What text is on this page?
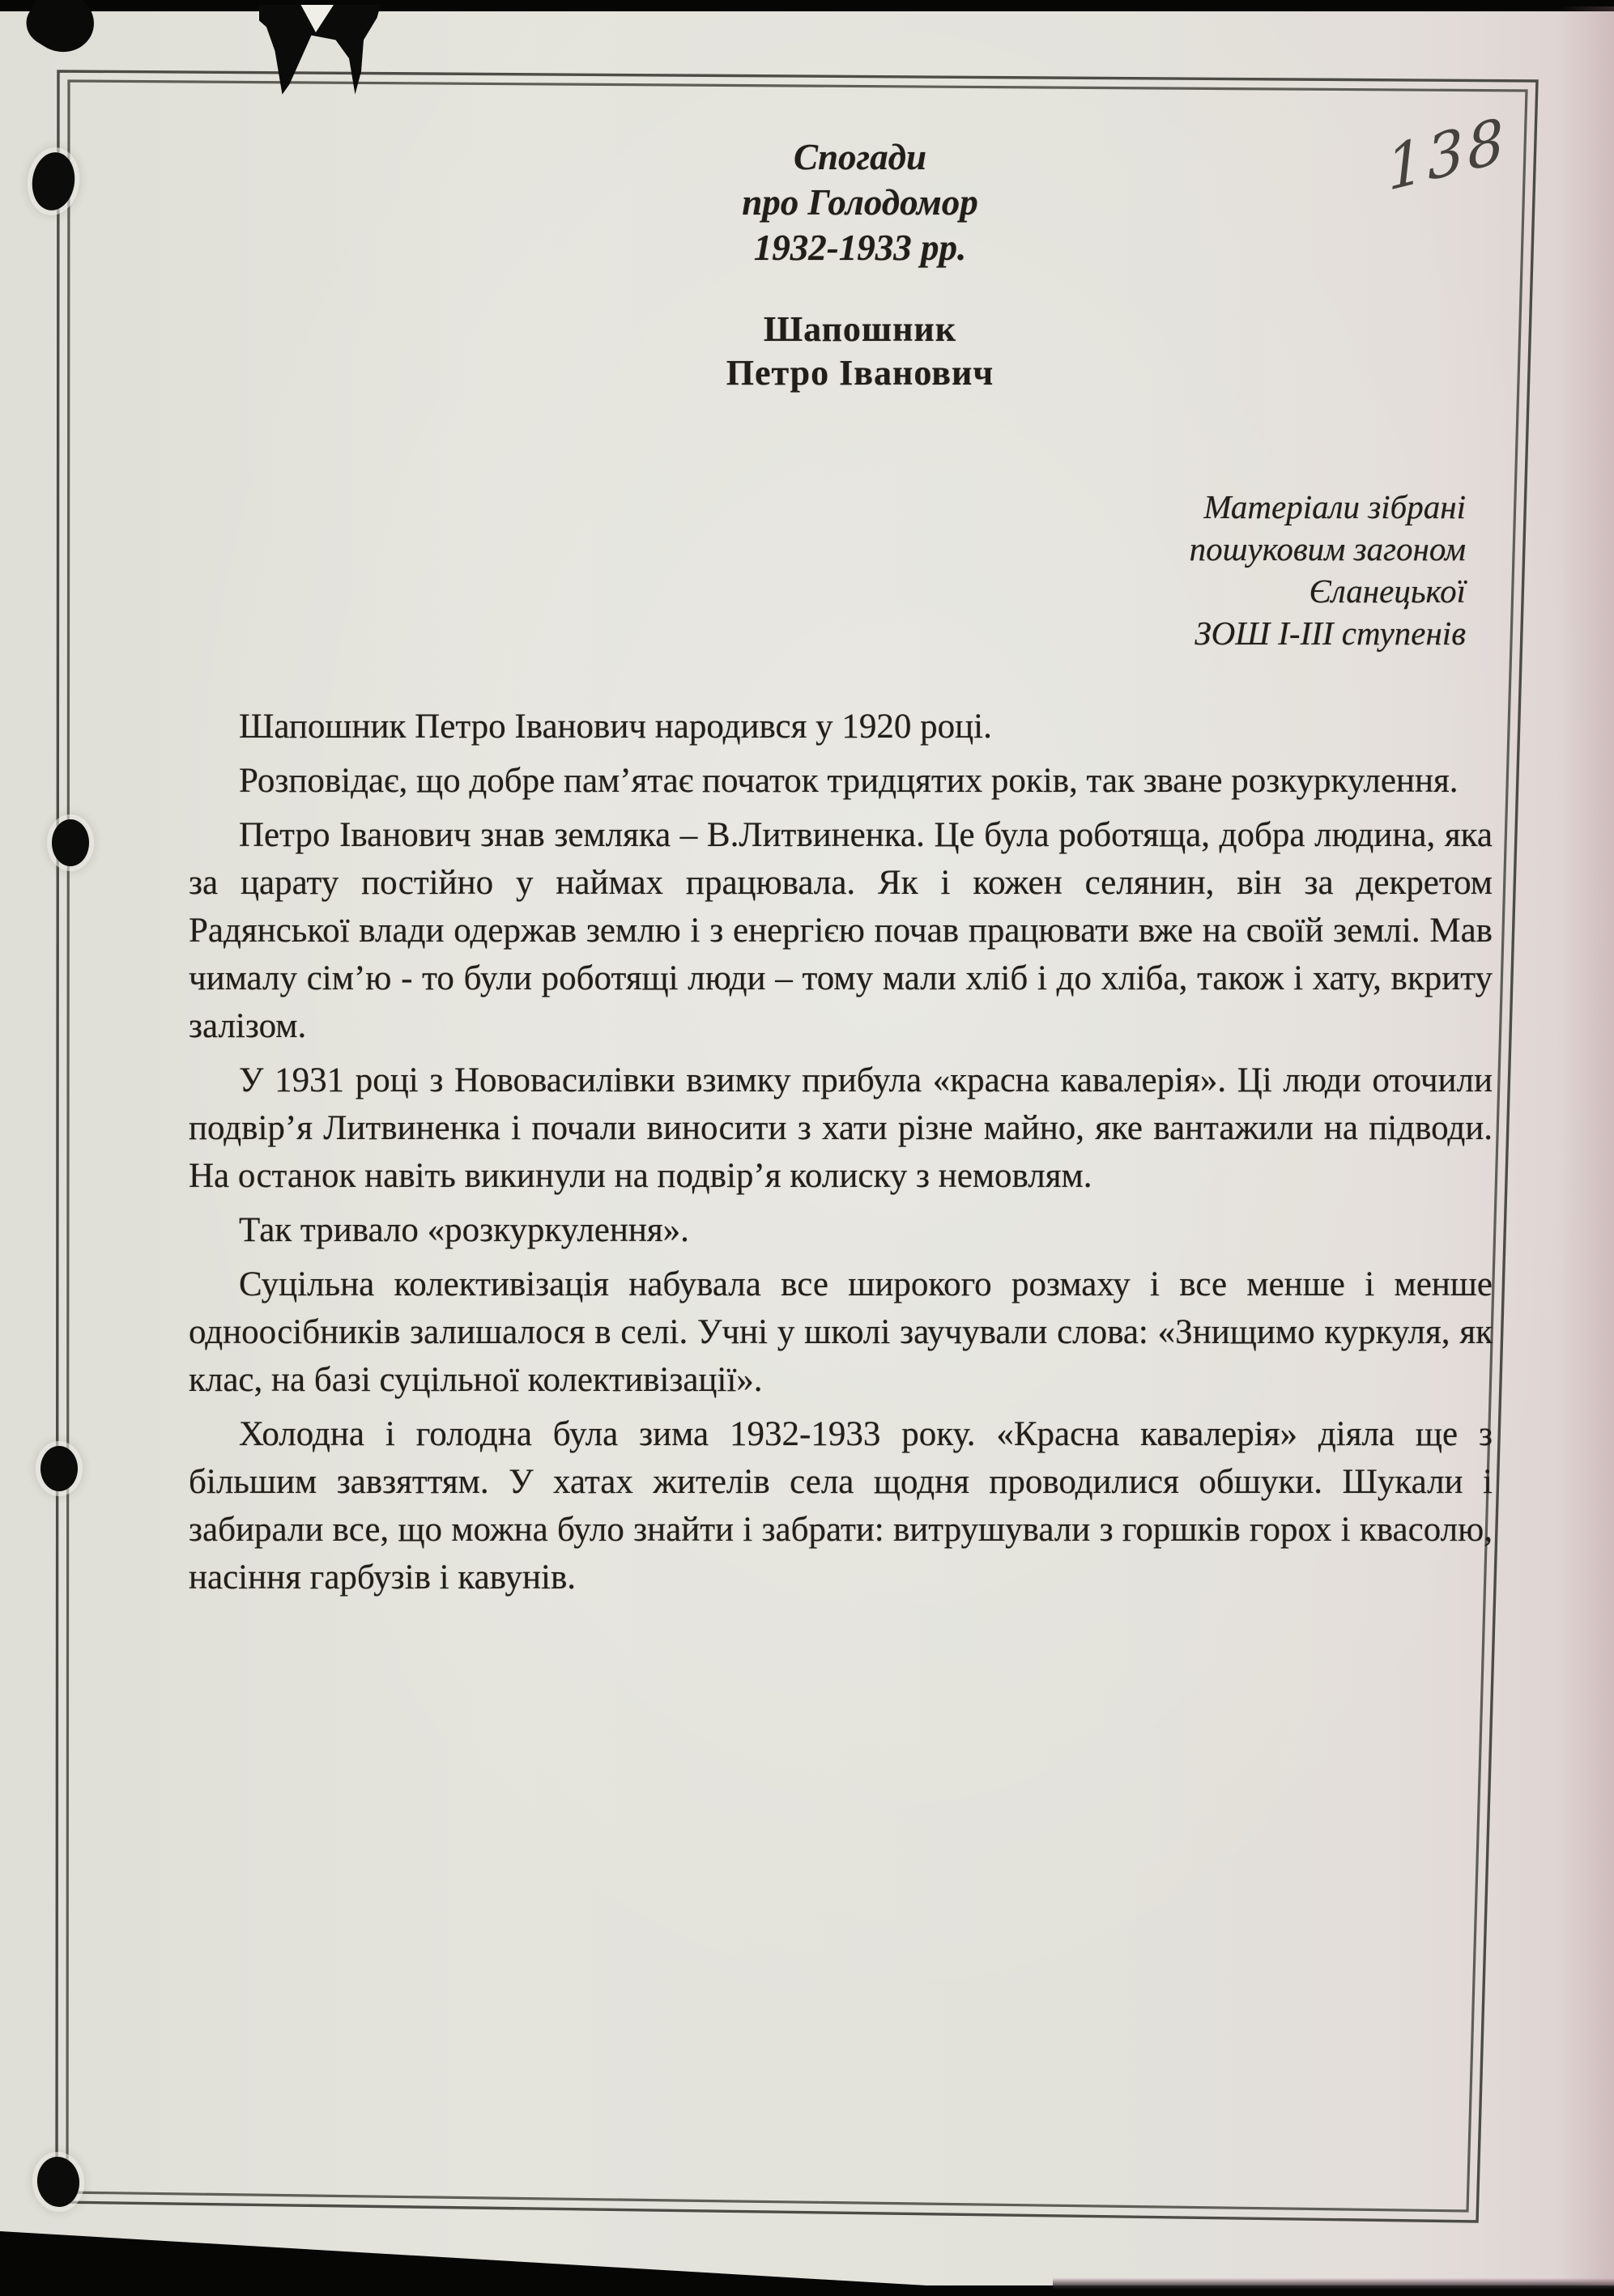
Спогади
про Голодомор
1932-1933 рр.
Шапошник
Петро Іванович
Матеріали зібрані
пошуковим загоном
Єланецької
ЗОШ І-ІІІ ступенів

Шапошник Петро Іванович народився у 1920 році.

Розповідає, що добре пам’ятає початок тридцятих років, так зване розкуркулення.

Петро Іванович знав земляка – В.Литвиненка. Це була роботяща, добра людина, яка за царату постійно у наймах працювала. Як і кожен селянин, він за декретом Радянської влади одержав землю і з енергією почав працювати вже на своїй землі. Мав чималу сім’ю - то були роботящі люди – тому мали хліб і до хліба, також і хату, вкриту залізом.

У 1931 році з Нововасилівки взимку прибула «красна кавалерія». Ці люди оточили подвір’я Литвиненка і почали виносити з хати різне майно, яке вантажили на підводи. На останок навіть викинули на подвір’я колиску з немовлям.

Так тривало «розкуркулення».

Суцільна колективізація набувала все широкого розмаху і все менше і менше одноосібників залишалося в селі. Учні у школі заучували слова: «Знищимо куркуля, як клас, на базі суцільної колективізації».

Холодна і голодна була зима 1932-1933 року. «Красна кавалерія» діяла ще з більшим завзяттям. У хатах жителів села щодня проводилися обшуки. Шукали і забирали все, що можна було знайти і забрати: витрушували з горшків горох і квасолю, насіння гарбузів і кавунів.

138
